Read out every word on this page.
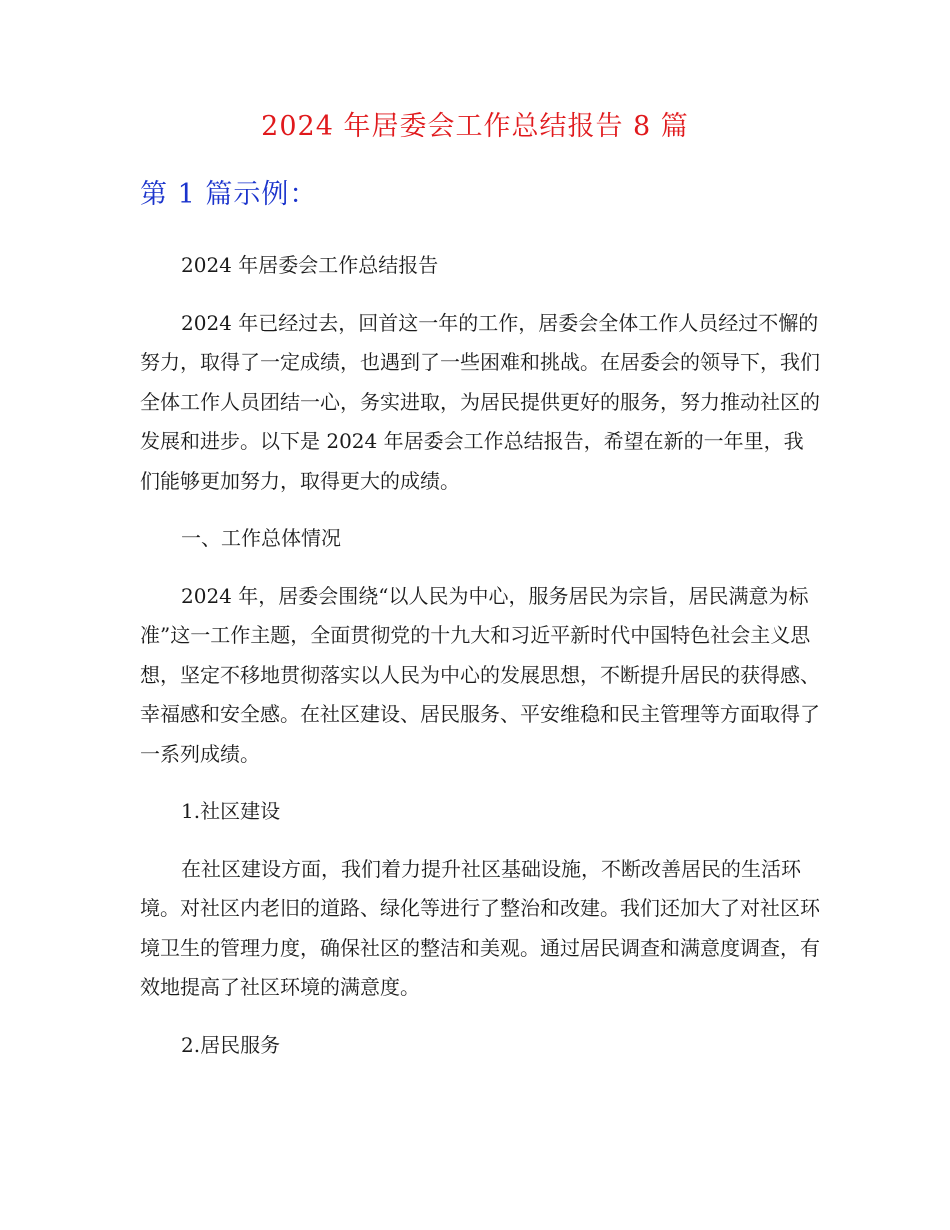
2024 年居委会工作总结报告 8 篇
第 1 篇示例：

2024 年居委会工作总结报告

2024 年已经过去，回首这一年的工作，居委会全体工作人员经过不懈的努力，取得了一定成绩，也遇到了一些困难和挑战。在居委会的领导下，我们全体工作人员团结一心，务实进取，为居民提供更好的服务，努力推动社区的发展和进步。以下是 2024 年居委会工作总结报告，希望在新的一年里，我们能够更加努力，取得更大的成绩。

一、工作总体情况

2024 年，居委会围绕“以人民为中心，服务居民为宗旨，居民满意为标准”这一工作主题，全面贯彻党的十九大和习近平新时代中国特色社会主义思想，坚定不移地贯彻落实以人民为中心的发展思想，不断提升居民的获得感、幸福感和安全感。在社区建设、居民服务、平安维稳和民主管理等方面取得了一系列成绩。

1.社区建设

在社区建设方面，我们着力提升社区基础设施，不断改善居民的生活环境。对社区内老旧的道路、绿化等进行了整治和改建。我们还加大了对社区环境卫生的管理力度，确保社区的整洁和美观。通过居民调查和满意度调查，有效地提高了社区环境的满意度。

2.居民服务
